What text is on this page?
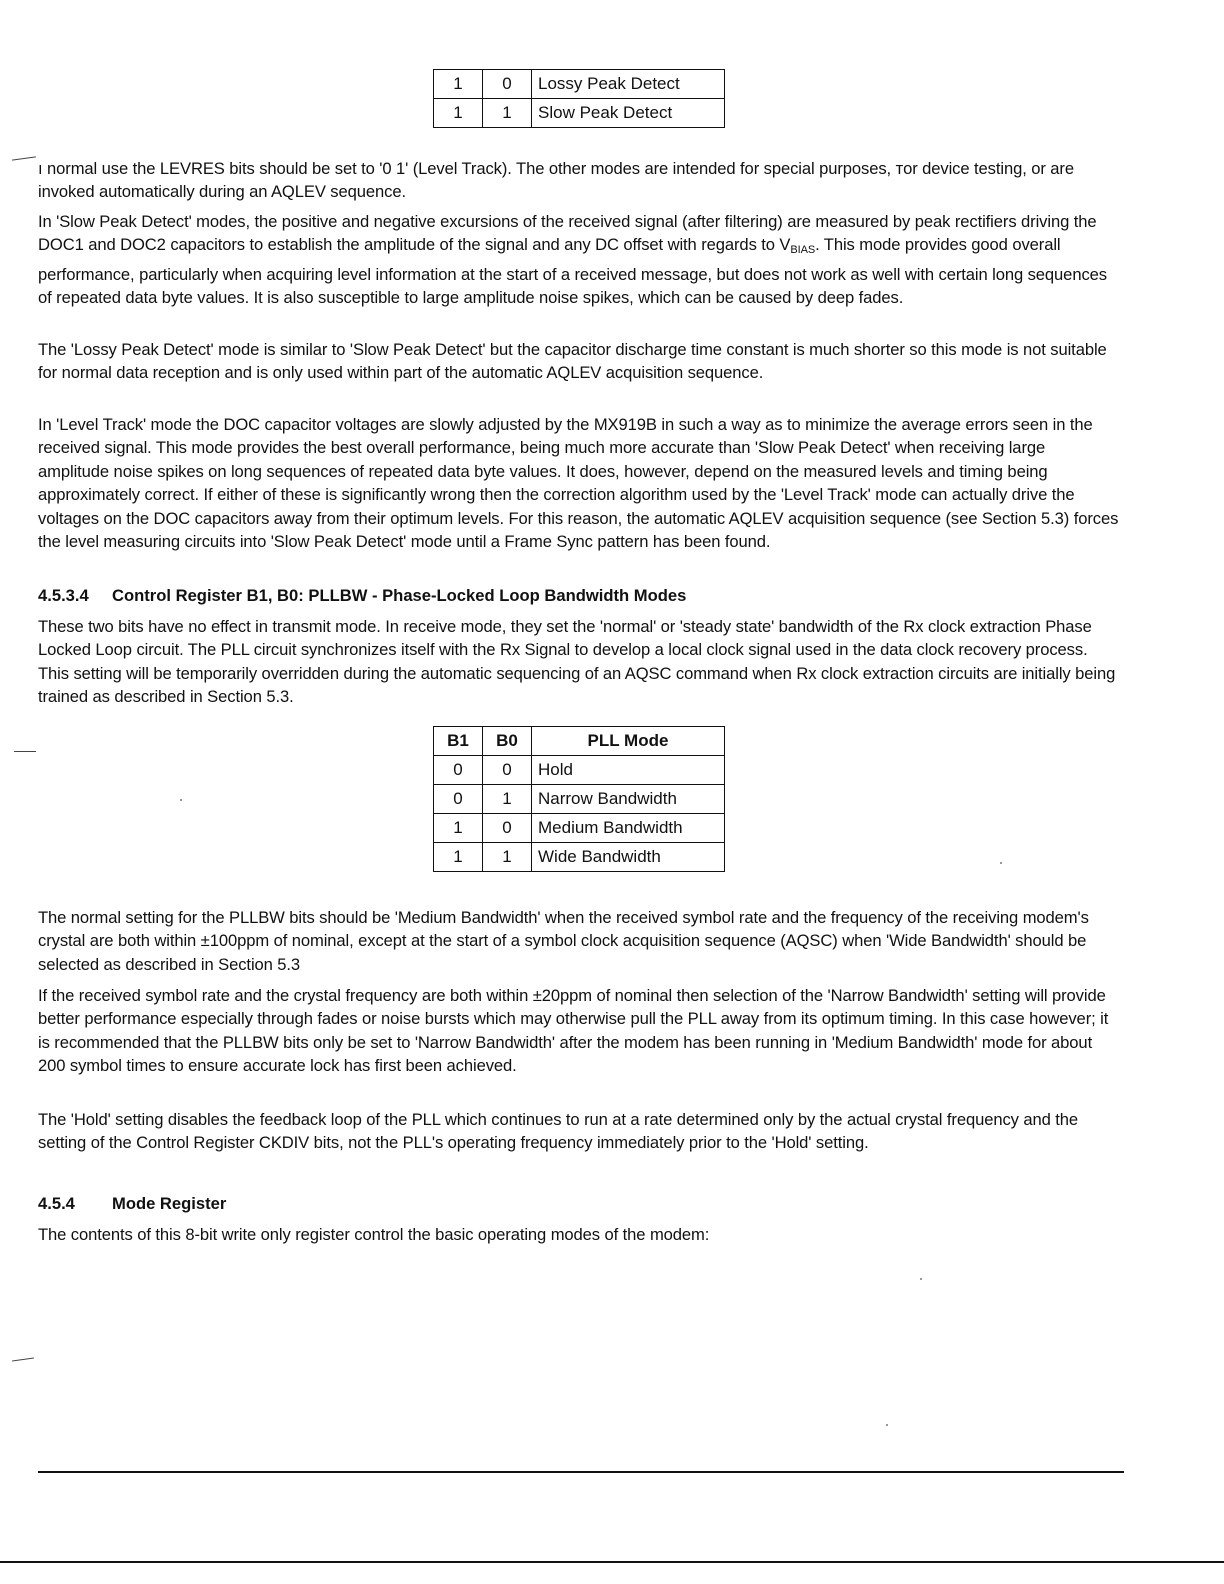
1	0	Lossy Peak Detect
1	1	Slow Peak Detect

ı normal use the LEVRES bits should be set to '0 1' (Level Track). The other modes are intended for special purposes, тor device testing, or are invoked automatically during an AQLEV sequence.

In 'Slow Peak Detect' modes, the positive and negative excursions of the received signal (after filtering) are measured by peak rectifiers driving the DOC1 and DOC2 capacitors to establish the amplitude of the signal and any DC offset with regards to $V_{BIAS}$. This mode provides good overall performance, particularly when acquiring level information at the start of a received message, but does not work as well with certain long sequences of repeated data byte values. It is also susceptible to large amplitude noise spikes, which can be caused by deep fades.

The 'Lossy Peak Detect' mode is similar to 'Slow Peak Detect' but the capacitor discharge time constant is much shorter so this mode is not suitable for normal data reception and is only used within part of the automatic AQLEV acquisition sequence.

In 'Level Track' mode the DOC capacitor voltages are slowly adjusted by the MX919B in such a way as to minimize the average errors seen in the received signal. This mode provides the best overall performance, being much more accurate than 'Slow Peak Detect' when receiving large amplitude noise spikes on long sequences of repeated data byte values. It does, however, depend on the measured levels and timing being approximately correct. If either of these is significantly wrong then the correction algorithm used by the 'Level Track' mode can actually drive the voltages on the DOC capacitors away from their optimum levels. For this reason, the automatic AQLEV acquisition sequence (see Section 5.3) forces the level measuring circuits into 'Slow Peak Detect' mode until a Frame Sync pattern has been found.

4.5.3.4 Control Register B1, B0: PLLBW - Phase-Locked Loop Bandwidth Modes

These two bits have no effect in transmit mode. In receive mode, they set the 'normal' or 'steady state' bandwidth of the Rx clock extraction Phase Locked Loop circuit. The PLL circuit synchronizes itself with the Rx Signal to develop a local clock signal used in the data clock recovery process. This setting will be temporarily overridden during the automatic sequencing of an AQSC command when Rx clock extraction circuits are initially being trained as described in Section 5.3.

B1	B0	PLL Mode
0	0	Hold
0	1	Narrow Bandwidth
1	0	Medium Bandwidth
1	1	Wide Bandwidth

The normal setting for the PLLBW bits should be 'Medium Bandwidth' when the received symbol rate and the frequency of the receiving modem's crystal are both within ±100ppm of nominal, except at the start of a symbol clock acquisition sequence (AQSC) when 'Wide Bandwidth' should be selected as described in Section 5.3

If the received symbol rate and the crystal frequency are both within ±20ppm of nominal then selection of the 'Narrow Bandwidth' setting will provide better performance especially through fades or noise bursts which may otherwise pull the PLL away from its optimum timing. In this case however; it is recommended that the PLLBW bits only be set to 'Narrow Bandwidth' after the modem has been running in 'Medium Bandwidth' mode for about 200 symbol times to ensure accurate lock has first been achieved.

The 'Hold' setting disables the feedback loop of the PLL which continues to run at a rate determined only by the actual crystal frequency and the setting of the Control Register CKDIV bits, not the PLL's operating frequency immediately prior to the 'Hold' setting.

4.5.4 Mode Register

The contents of this 8-bit write only register control the basic operating modes of the modem:
